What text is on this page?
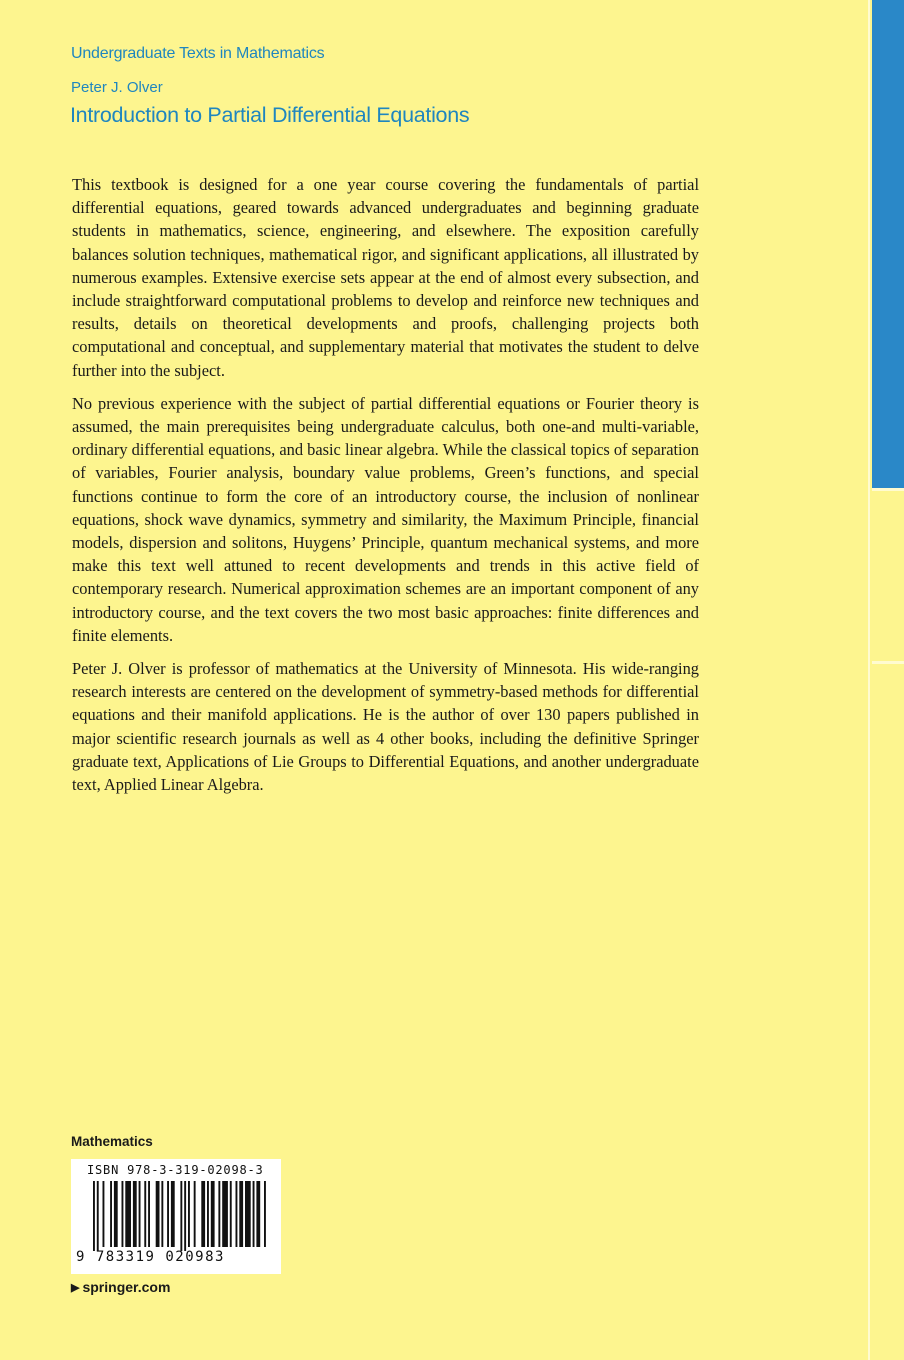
Undergraduate Texts in Mathematics
Peter J. Olver
Introduction to Partial Differential Equations

This textbook is designed for a one year course covering the fundamentals of partial differential equations, geared towards advanced undergraduates and beginning graduate students in mathematics, science, engineering, and elsewhere. The exposition carefully balances solution techniques, mathematical rigor, and significant applications, all illustrated by numerous examples. Extensive exercise sets appear at the end of almost every subsection, and include straightforward computational problems to develop and reinforce new techniques and results, details on theoretical developments and proofs, challenging projects both computational and conceptual, and supplementary material that motivates the student to delve further into the subject.

No previous experience with the subject of partial differential equations or Fourier theory is assumed, the main prerequisites being undergraduate calculus, both one-and multi-variable, ordinary differential equations, and basic linear algebra. While the classical topics of separation of variables, Fourier analysis, boundary value problems, Green’s functions, and special functions continue to form the core of an introductory course, the inclusion of nonlinear equations, shock wave dynamics, symmetry and similarity, the Maximum Principle, financial models, dispersion and solitons, Huygens’ Principle, quantum mechanical systems, and more make this text well attuned to recent developments and trends in this active field of contemporary research. Numerical approximation schemes are an important component of any introductory course, and the text covers the two most basic approaches: finite differences and finite elements.

Peter J. Olver is professor of mathematics at the University of Minnesota. His wide-ranging research interests are centered on the development of symmetry-based methods for differential equations and their manifold applications. He is the author of over 130 papers published in major scientific research journals as well as 4 other books, including the definitive Springer graduate text, Applications of Lie Groups to Differential Equations, and another undergraduate text, Applied Linear Algebra.

Mathematics
ISBN 978-3-319-02098-3
9 783319 020983
▶ springer.com
